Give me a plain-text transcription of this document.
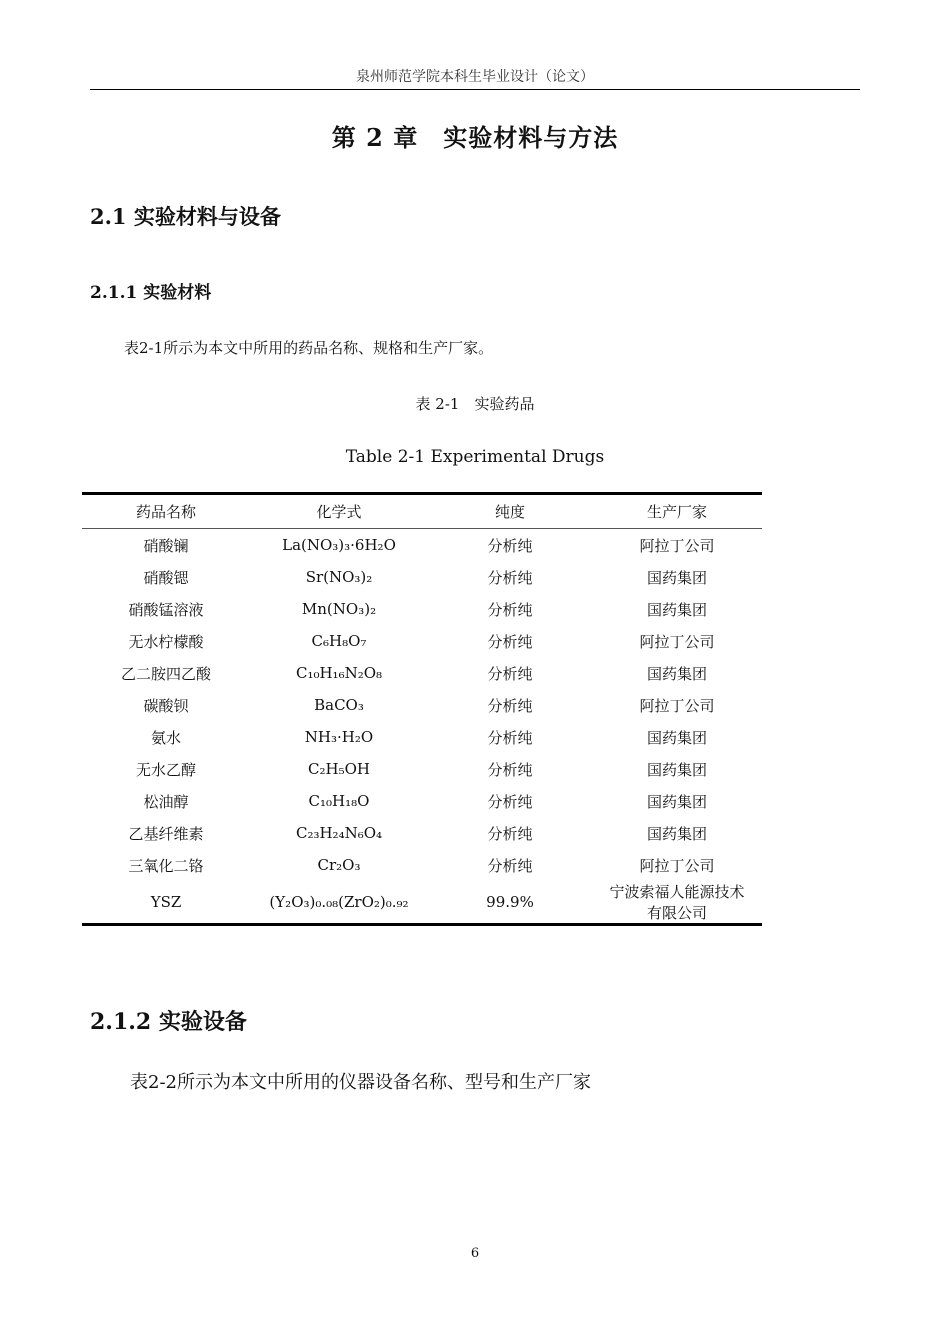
泉州师范学院本科生毕业设计（论文）
第 2 章　实验材料与方法
2.1 实验材料与设备
2.1.1 实验材料
表2-1所示为本文中所用的药品名称、规格和生产厂家。
表 2-1　实验药品
Table 2-1 Experimental Drugs
药品名称	化学式	纯度	生产厂家
硝酸镧	La(NO₃)₃·6H₂O	分析纯	阿拉丁公司
硝酸锶	Sr(NO₃)₂	分析纯	国药集团
硝酸锰溶液	Mn(NO₃)₂	分析纯	国药集团
无水柠檬酸	C₆H₈O₇	分析纯	阿拉丁公司
乙二胺四乙酸	C₁₀H₁₆N₂O₈	分析纯	国药集团
碳酸钡	BaCO₃	分析纯	阿拉丁公司
氨水	NH₃·H₂O	分析纯	国药集团
无水乙醇	C₂H₅OH	分析纯	国药集团
松油醇	C₁₀H₁₈O	分析纯	国药集团
乙基纤维素	C₂₃H₂₄N₆O₄	分析纯	国药集团
三氧化二铬	Cr₂O₃	分析纯	阿拉丁公司
YSZ	(Y₂O₃)₀.₀₈(ZrO₂)₀.₉₂	99.9%	宁波索福人能源技术
有限公司
2.1.2 实验设备
表2-2所示为本文中所用的仪器设备名称、型号和生产厂家
6
